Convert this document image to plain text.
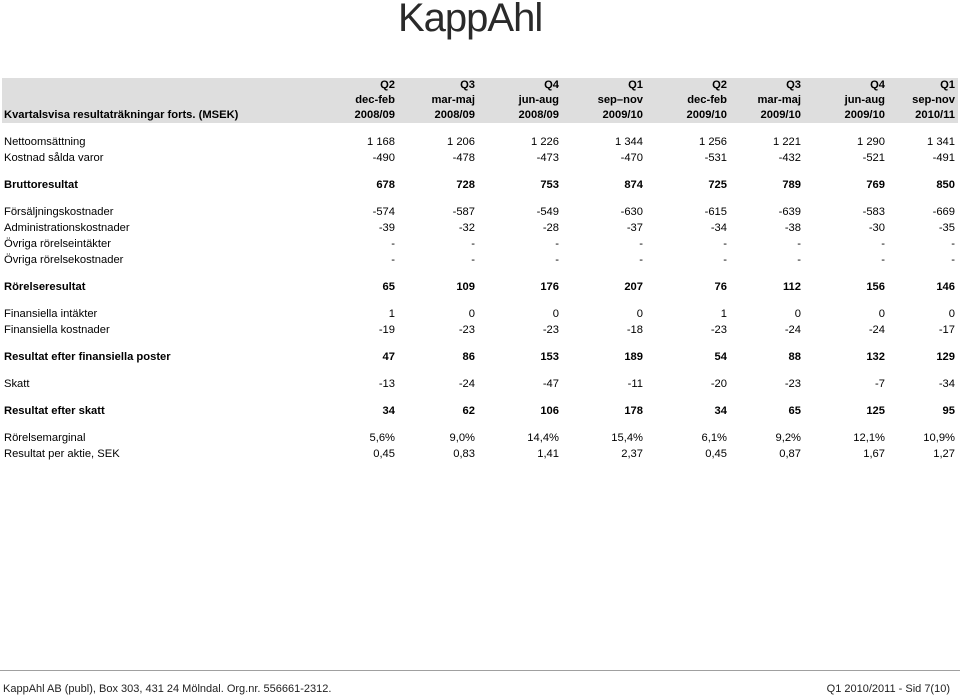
KappAhl
	Q2	Q3	Q4	Q1	Q2	Q3	Q4	Q1
	dec-feb	mar-maj	jun-aug	sep–nov	dec-feb	mar-maj	jun-aug	sep-nov
Kvartalsvisa resultaträkningar forts. (MSEK)	2008/09	2008/09	2008/09	2009/10	2009/10	2009/10	2009/10	2010/11

Nettoomsättning	1 168	1 206	1 226	1 344	1 256	1 221	1 290	1 341
Kostnad sålda varor	-490	-478	-473	-470	-531	-432	-521	-491

Bruttoresultat	678	728	753	874	725	789	769	850

Försäljningskostnader	-574	-587	-549	-630	-615	-639	-583	-669
Administrationskostnader	-39	-32	-28	-37	-34	-38	-30	-35
Övriga rörelseintäkter	-	-	-	-	-	-	-	-
Övriga rörelsekostnader	-	-	-	-	-	-	-	-

Rörelseresultat	65	109	176	207	76	112	156	146

Finansiella intäkter	1	0	0	0	1	0	0	0
Finansiella kostnader	-19	-23	-23	-18	-23	-24	-24	-17

Resultat efter finansiella poster	47	86	153	189	54	88	132	129

Skatt	-13	-24	-47	-11	-20	-23	-7	-34

Resultat efter skatt	34	62	106	178	34	65	125	95

Rörelsemarginal	5,6%	9,0%	14,4%	15,4%	6,1%	9,2%	12,1%	10,9%
Resultat per aktie, SEK	0,45	0,83	1,41	2,37	0,45	0,87	1,67	1,27
KappAhl AB (publ), Box 303, 431 24 Mölndal. Org.nr. 556661-2312.	Q1 2010/2011 - Sid 7(10)
